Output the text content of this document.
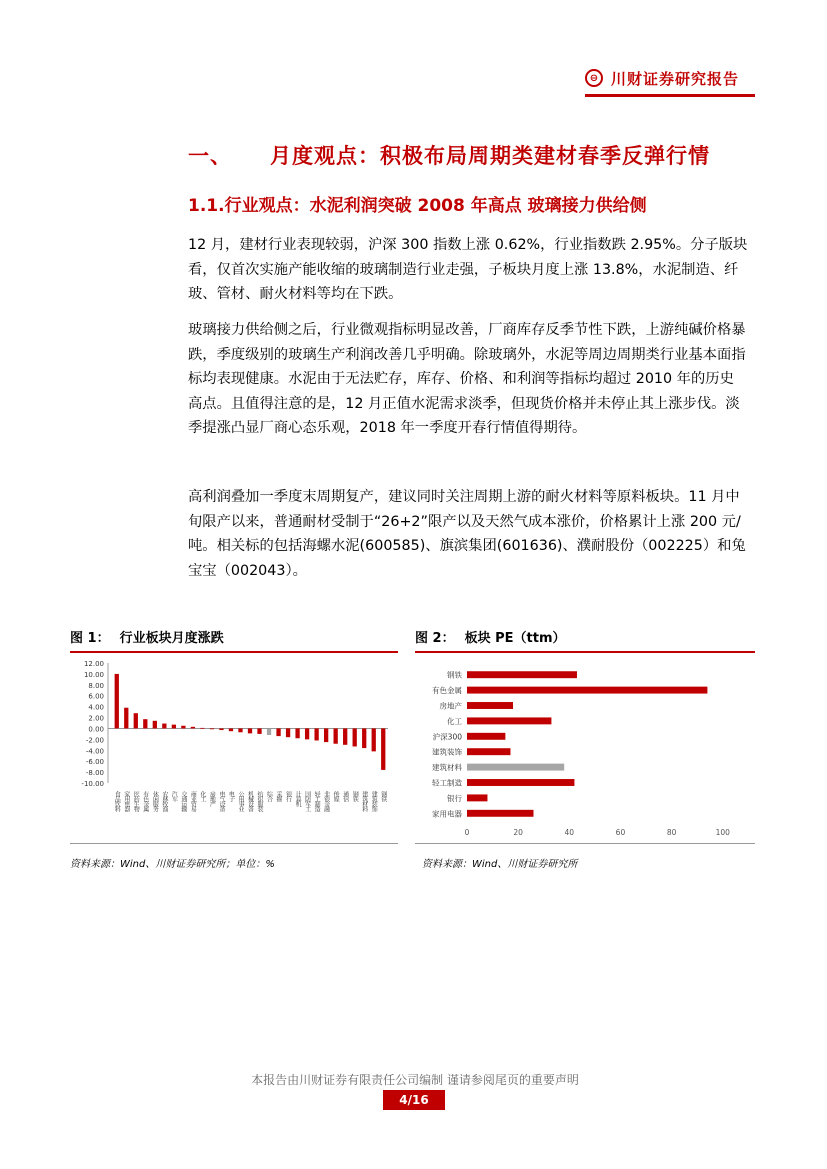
⊖ 川财证券研究报告
一、 月度观点：积极布局周期类建材春季反弹行情
1.1.行业观点：水泥利润突破 2008 年高点 玻璃接力供给侧

12 月，建材行业表现较弱，沪深 300 指数上涨 0.62%，行业指数跌 2.95%。分子版块看，仅首次实施产能收缩的玻璃制造行业走强，子板块月度上涨 13.8%，水泥制造、纤玻、管材、耐火材料等均在下跌。

玻璃接力供给侧之后，行业微观指标明显改善，厂商库存反季节性下跌，上游纯碱价格暴跌，季度级别的玻璃生产利润改善几乎明确。除玻璃外，水泥等周边周期类行业基本面指标均表现健康。水泥由于无法贮存，库存、价格、和利润等指标均超过 2010 年的历史高点。且值得注意的是，12 月正值水泥需求淡季，但现货价格并未停止其上涨步伐。淡季提涨凸显厂商心态乐观，2018 年一季度开春行情值得期待。

高利润叠加一季度末周期复产，建议同时关注周期上游的耐火材料等原料板块。11 月中旬限产以来，普通耐材受制于“26+2”限产以及天然气成本涨价，价格累计上涨 200 元/吨。相关标的包括海螺水泥(600585)、旗滨集团(601636)、濮耐股份（002225）和兔宝宝（002043）。

图 1： 行业板块月度涨跌
12.00
10.00
8.00
6.00
4.00
2.00
0.00
-2.00
-4.00
-6.00
-8.00
-10.00
食品饮料 家用电器 医药生物 有色金属 休闲服务 农林牧渔 汽车 交通运输 商业贸易 化工 房地产 电气设备 电子 公用事业 机械设备 纺织服装 综合 采掘 银行 计算机 国防军工 轻工制造 非银金融 传媒 通信 钢铁 建筑材料 建筑装饰 钢铁
资料来源：Wind、川财证券研究所；单位：%
图 2： 板块 PE（ttm）
钢铁
有色金属
房地产
化工
沪深300
建筑装饰
建筑材料
轻工制造
银行
家用电器
0	20	40	60	80	100
资料来源：Wind、川财证券研究所
本报告由川财证券有限责任公司编制 谨请参阅尾页的重要声明
4/16
